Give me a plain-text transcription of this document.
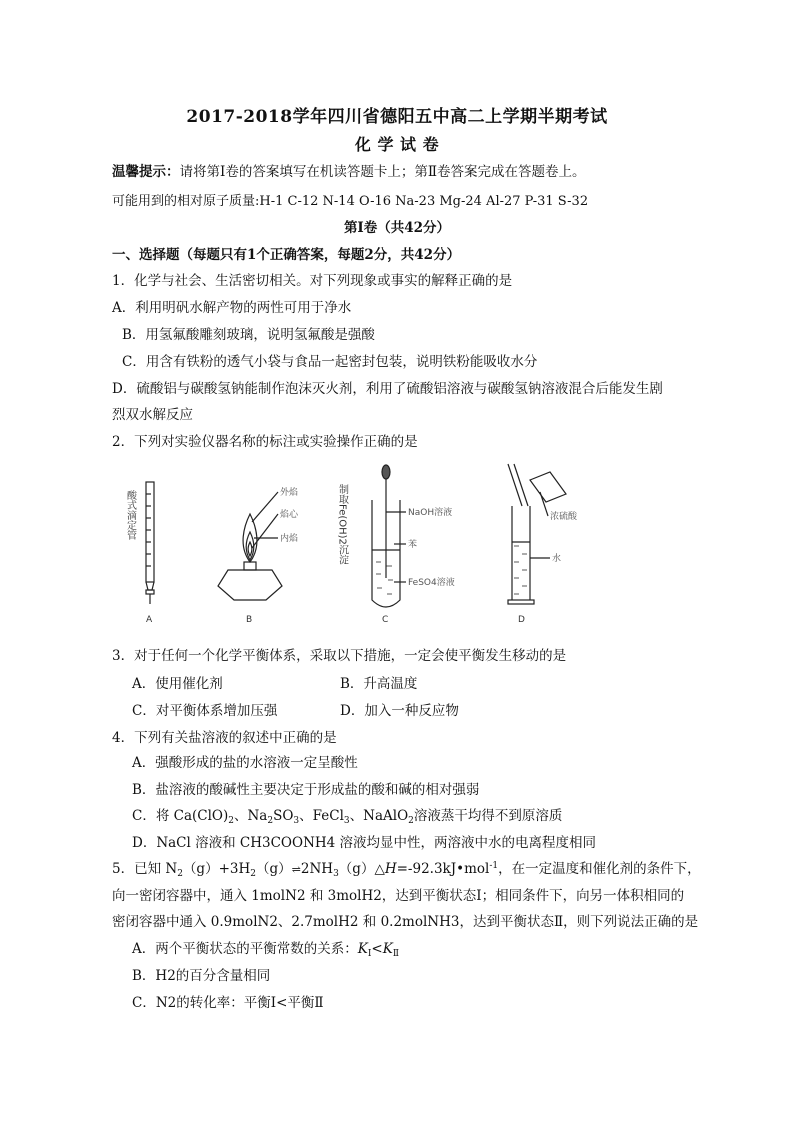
2017-2018学年四川省德阳五中高二上学期半期考试
化 学 试 卷
温馨提示：请将第Ⅰ卷的答案填写在机读答题卡上；第Ⅱ卷答案完成在答题卷上。
可能用到的相对原子质量:H-1 C-12 N-14 O-16 Na-23 Mg-24 Al-27 P-31 S-32
第Ⅰ卷（共42分）
一、选择题（每题只有1个正确答案，每题2分，共42分）
1．化学与社会、生活密切相关。对下列现象或事实的解释正确的是
A．利用明矾水解产物的两性可用于净水
B．用氢氟酸雕刻玻璃，说明氢氟酸是强酸
C．用含有铁粉的透气小袋与食品一起密封包装，说明铁粉能吸收水分
D．硫酸铝与碳酸氢钠能制作泡沫灭火剂，利用了硫酸铝溶液与碳酸氢钠溶液混合后能发生剧
烈双水解反应
2．下列对实验仪器名称的标注或实验操作正确的是
酸式滴定管
A
外焰
焰心
内焰
B
制取Fe(OH)2沉淀	NaOH溶液
苯
FeSO4溶液
C
浓硫酸
水
D
3．对于任何一个化学平衡体系，采取以下措施，一定会使平衡发生移动的是
A．使用催化剂	B．升高温度
C．对平衡体系增加压强	D．加入一种反应物
4．下列有关盐溶液的叙述中正确的是
A．强酸形成的盐的水溶液一定呈酸性
B．盐溶液的酸碱性主要决定于形成盐的酸和碱的相对强弱
C．将 $Ca(ClO)_2$、$Na_2SO_3$、FeCl$_3$、NaAlO$_2$溶液蒸干均得不到原溶质
D．NaCl 溶液和 CH3COONH4 溶液均显中性，两溶液中水的电离程度相同
5．已知 $N_2(g)+3H_2(g)\rightleftharpoons 2NH_3(g)\triangle H=-92.3kJ•mol^{-1}$，在一定温度和催化剂的条件下，
向一密闭容器中，通入 1molN2 和 3molH2，达到平衡状态Ⅰ；相同条件下，向另一体积相同的
密闭容器中通入 0.9molN2、2.7molH2 和 0.2molNH3，达到平衡状态Ⅱ，则下列说法正确的是
A．两个平衡状态的平衡常数的关系：$K_Ⅰ<K_Ⅱ$
B．H2的百分含量相同
C．N2的转化率：平衡Ⅰ<平衡Ⅱ
